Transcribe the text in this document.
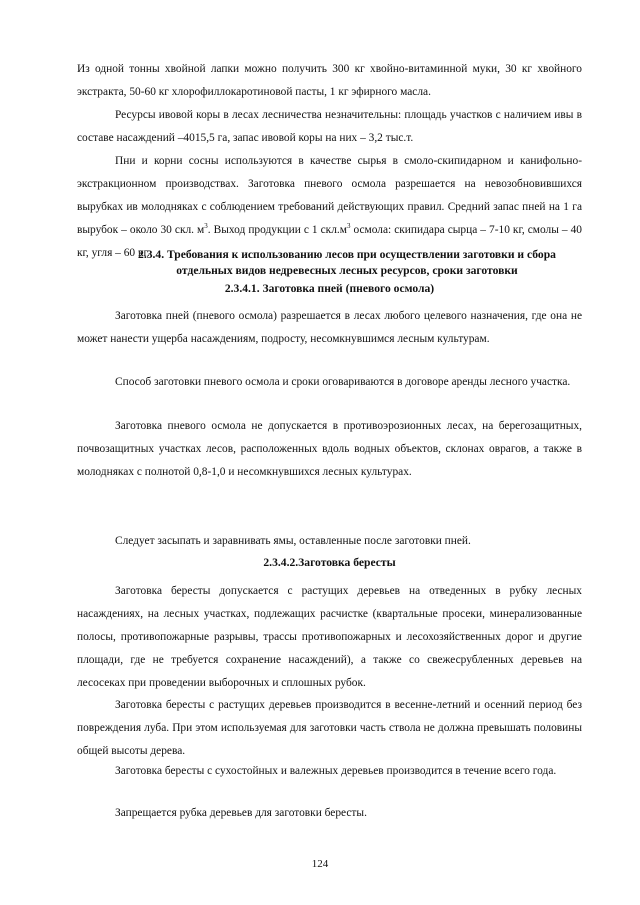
Из одной тонны хвойной лапки можно получить 300 кг хвойно-витаминной муки, 30 кг хвойного экстракта, 50-60 кг хлорофиллокаротиновой пасты, 1 кг эфирного масла.

Ресурсы ивовой коры в лесах лесничества незначительны: площадь участков с наличием ивы в составе насаждений –4015,5 га, запас ивовой коры на них – 3,2 тыс.т.

Пни и корни сосны используются в качестве сырья в смоло-скипидарном и канифольно-экстракционном производствах. Заготовка пневого осмола разрешается на невозобновившихся вырубках ив молодняках с соблюдением требований действующих правил. Средний запас пней на 1 га вырубок – около 30 скл. $м^3$. Выход продукции с 1 $скл.м^3$ осмола: скипидара сырца – 7-10 кг, смолы – 40 кг, угля – 60 кг.

2.3.4. Требования к использованию лесов при осуществлении заготовки и сбора отдельных видов недревесных лесных ресурсов, сроки заготовки

2.3.4.1. Заготовка пней (пневого осмола)

Заготовка пней (пневого осмола) разрешается в лесах любого целевого назначения, где она не может нанести ущерба насаждениям, подросту, несомкнувшимся лесным культурам.

Способ заготовки пневого осмола и сроки оговариваются в договоре аренды лесного участка.

Заготовка пневого осмола не допускается в противоэрозионных лесах, на берегозащитных, почвозащитных участках лесов, расположенных вдоль водных объектов, склонах оврагов, а также в молодняках с полнотой 0,8-1,0 и несомкнувшихся лесных культурах.

Следует засыпать и заравнивать ямы, оставленные после заготовки пней.

2.3.4.2.Заготовка бересты

Заготовка бересты допускается с растущих деревьев на отведенных в рубку лесных насаждениях, на лесных участках, подлежащих расчистке (квартальные просеки, минерализованные полосы, противопожарные разрывы, трассы противопожарных и лесохозяйственных дорог и другие площади, где не требуется сохранение насаждений), а также со свежесрубленных деревьев на лесосеках при проведении выборочных и сплошных рубок.

Заготовка бересты с растущих деревьев производится в весенне-летний и осенний период без повреждения луба. При этом используемая для заготовки часть ствола не должна превышать половины общей высоты дерева.

Заготовка бересты с сухостойных и валежных деревьев производится в течение всего года.

Запрещается рубка деревьев для заготовки бересты.

124
